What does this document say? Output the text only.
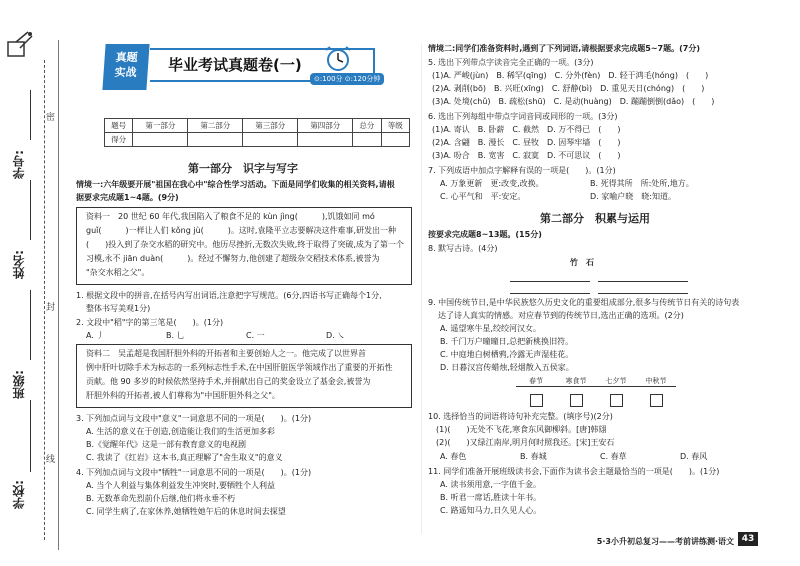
密
封
线
学号:
姓名:
班级:
学校:
真题
实战	毕业考试真题卷(一)
⊙:100分 ⊙:120分钟
题号	第一部分	第二部分	第三部分	第四部分	总分	等级
得分						
第一部分　识字与写字
情境一:六年级要开展"祖国在我心中"综合性学习活动。下面是同学们收集的相关资料,请根
据要求完成题1~4题。(9分)
资料一　20 世纪 60 年代,我国陷入了粮食不足的 kùn jìng(　　　),饥饿如同 mó
guǐ(　　　)一样让人们 kǒng jù(　　　)。这时,袁隆平立志要解决这件难事,研发出一种
(　　)投入到了杂交水稻的研究中。他历尽挫折,无数次失败,终于取得了突破,成为了第一个
习模,永不 jiān duàn(　　　)。经过不懈努力,他创建了超级杂交稻技术体系,被誉为
"杂交水稻之父"。
1. 根据文段中的拼音,在括号内写出词语,注意把字写规范。(6分,四语书写正确每个1分,
整体书写美观1分)
2. 文段中"稻"字的第三笔是(　　)。(1分)
A. 丿	B. 乚	C. 一	D. ㇏
资料二　吴孟超是我国肝胆外科的开拓者和主要创始人之一。他完成了以世界首
例中肝叶切除手术为标志的一系列标志性手术,在中国肝脏医学领域作出了重要的开拓性
贡献。他 90 多岁的时候依然坚持手术,并捐献出自己的奖金设立了基金会,被誉为
肝胆外科的开拓者,被人们尊称为"中国肝胆外科之父"。
3. 下列加点词与文段中"意义"一词意思不同的一项是(　　)。(1分)
A. 生活的意义在于创造,创造能让我们的生活更加多彩
B.《觉醒年代》这是一部有教育意义的电视剧
C. 我读了《红岩》这本书,真正理解了"舍生取义"的意义
4. 下列加点词与文段中"牺牲"一词意思不同的一项是(　　)。(1分)
A. 当个人利益与集体利益发生冲突时,要牺牲个人利益
B. 无数革命先烈前仆后继,他们将永垂不朽
C. 同学生病了,在家休养,她牺牲她午后的休息时间去探望
情境二:同学们准备资料时,遇到了下列词语,请根据要求完成题5~7题。(7分)
5. 选出下列带点字读音完全正确的一项。(3分)
(1)A. 严峻(jùn)　B. 稀罕(qīng)　C. 分外(fèn)　D. 轻于鸿毛(hóng)　(　　)
(2)A. 剥削(bō)　B. 兴旺(xīng)　C. 舒静(bì)　D. 重见天日(chóng)　(　　)
(3)A. 处境(chǔ)　B. 疏松(shū)　C. 是动(huàng)　D. 蹦蹦倒倒(dǎo)　(　　)
6. 选出下列每组中带点字词音同或同形的一项。(3分)
(1)A. 寄认　B. 卧薪　C. 截然　D. 万不得已　(　　)
(2)A. 含翩　B. 漫长　C. 昼牧　D. 因琴牢墙　(　　)
(3)A. 吩合　B. 宽害　C. 寂寞　D. 不可思议　(　　)
7. 下列成语中加点字解释有误的一项是(　　)。(1分)
A. 万象更新　更:改变,改换。	B. 死得其所　所:处所,地方。
C. 心平气和　平:安定。	D. 家喻户晓　晓:知道。
第二部分　积累与运用
按要求完成题8~13题。(15分)
8. 默写古诗。(4分)
竹　石
9. 中国传统节日,是中华民族悠久历史文化的重要组成部分,很多与传统节日有关的诗句表
达了诗人真实的情感。对应春节到的传统节日,选出正确的选项。(2分)
A. 遥望寒牛星,绞绞河汉女。
B. 千门万户曈曈日,总把新桃换旧符。
C. 中庭地白树栖鸦,冷露无声湿桂花。
D. 日暮汉宫传蜡烛,轻烟散入五侯家。
春节	寒食节	七夕节	中秋节
10. 选择恰当的词语将诗句补充完整。(填序号)(2分)
(1)(　　)无处不飞花,寒食东风御柳斜。[唐]韩翃
(2)(　　)又绿江南岸,明月何时照我还。[宋]王安石
A. 春色	B. 春城	C. 春草	D. 春风
11. 同学们准备开展班级读书会,下面作为读书会主题最恰当的一项是(　　)。(1分)
A. 读书须用意,一字值千金。
B. 听君一席话,胜读十年书。
C. 路遥知马力,日久见人心。
5·3小升初总复习——考前讲练测·语文 43
